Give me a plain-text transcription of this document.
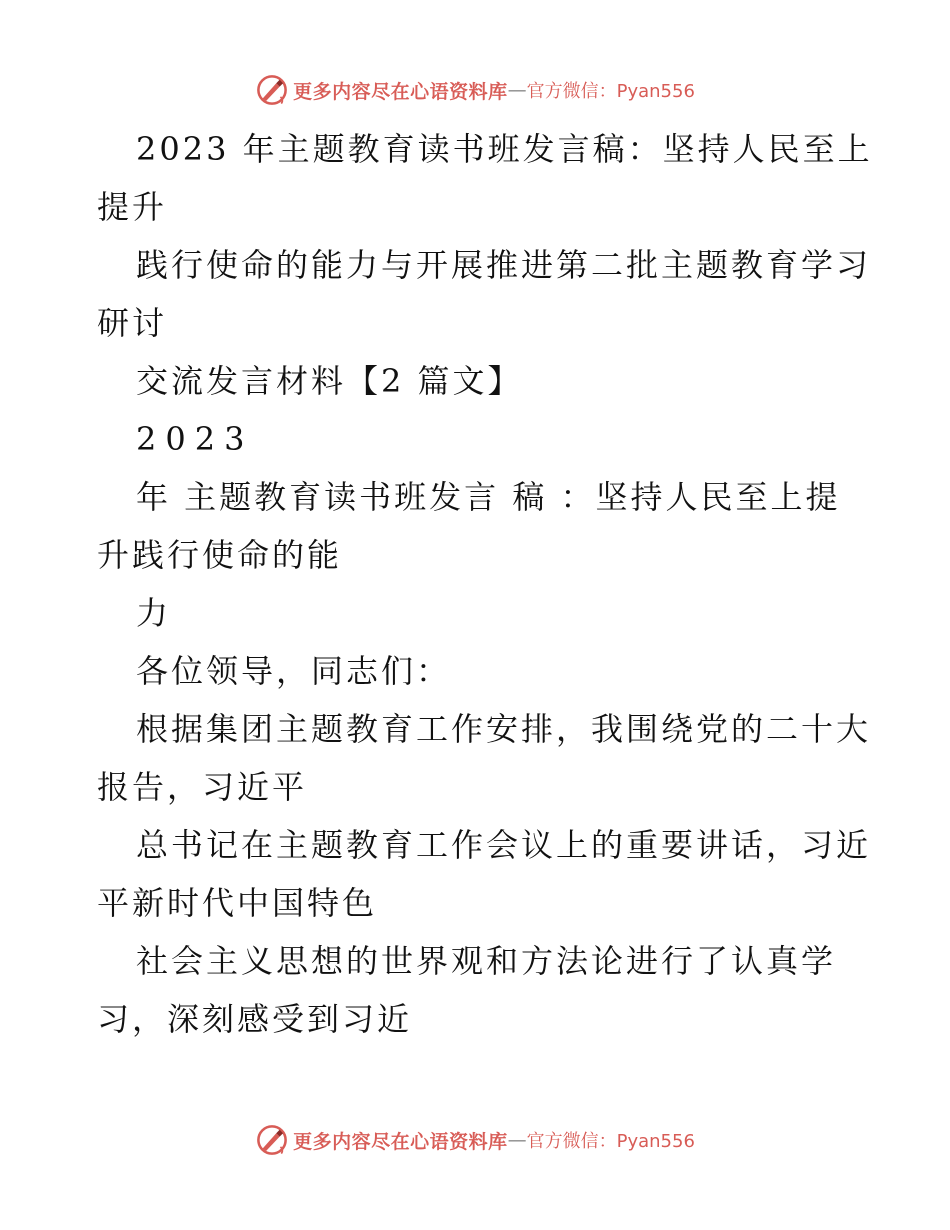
更多内容尽在心语资料库 — 官方微信：Pyan556
2023 年主题教育读书班发言稿：坚持人民至上
提升
践行使命的能力与开展推进第二批主题教育学习
研讨
交流发言材料【2 篇文】
2023
年 主题教育读书班发言 稿 ：坚持人民至上提
升践行使命的能
力
各位领导，同志们：
根据集团主题教育工作安排，我围绕党的二十大
报告，习近平
总书记在主题教育工作会议上的重要讲话，习近
平新时代中国特色
社会主义思想的世界观和方法论进行了认真学
习，深刻感受到习近
更多内容尽在心语资料库 — 官方微信：Pyan556
